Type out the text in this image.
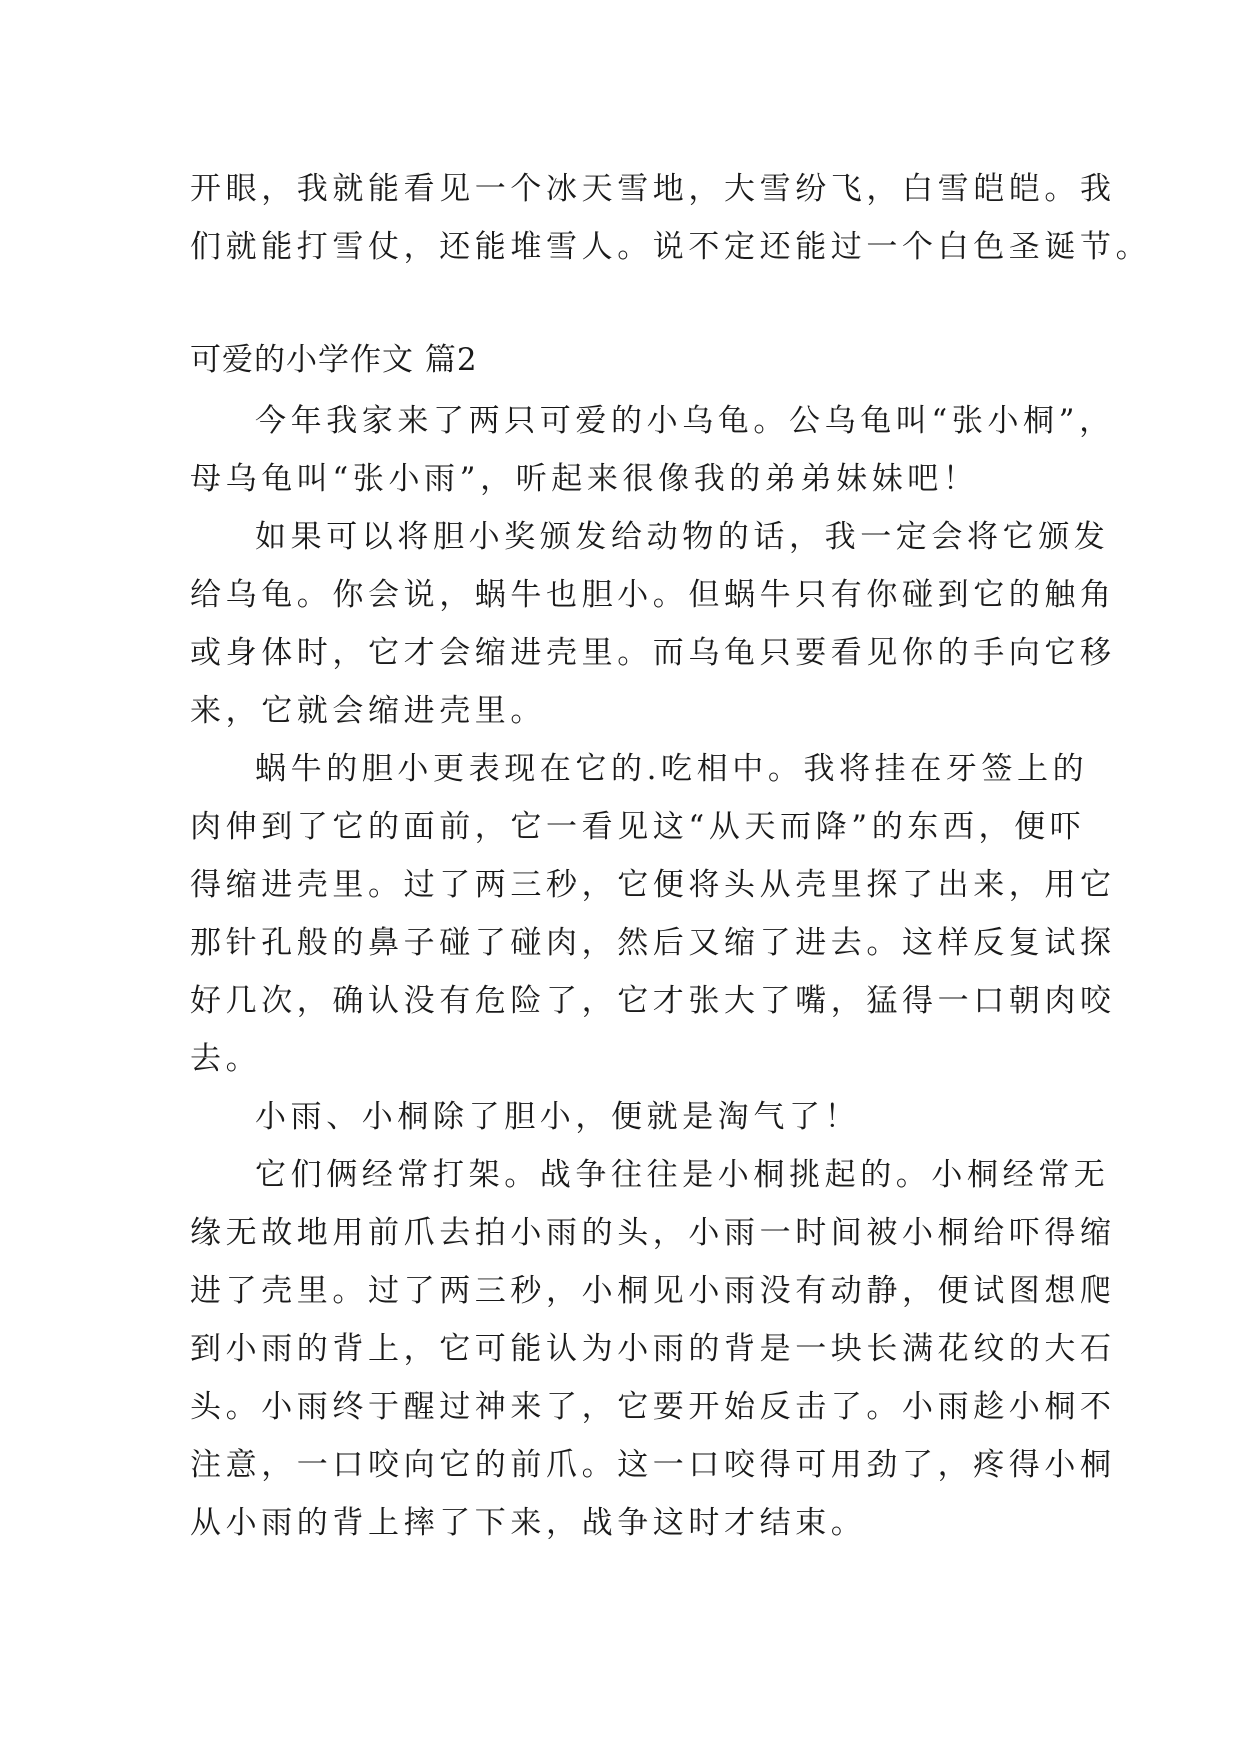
开眼，我就能看见一个冰天雪地，大雪纷飞，白雪皑皑。我
们就能打雪仗，还能堆雪人。说不定还能过一个白色圣诞节。
可爱的小学作文 篇2
今年我家来了两只可爱的小乌龟。公乌龟叫“张小桐”，
母乌龟叫“张小雨”，听起来很像我的弟弟妹妹吧！
如果可以将胆小奖颁发给动物的话，我一定会将它颁发
给乌龟。你会说，蜗牛也胆小。但蜗牛只有你碰到它的触角
或身体时，它才会缩进壳里。而乌龟只要看见你的手向它移
来，它就会缩进壳里。
蜗牛的胆小更表现在它的.吃相中。我将挂在牙签上的
肉伸到了它的面前，它一看见这“从天而降”的东西，便吓
得缩进壳里。过了两三秒，它便将头从壳里探了出来，用它
那针孔般的鼻子碰了碰肉，然后又缩了进去。这样反复试探
好几次，确认没有危险了，它才张大了嘴，猛得一口朝肉咬
去。
小雨、小桐除了胆小，便就是淘气了！
它们俩经常打架。战争往往是小桐挑起的。小桐经常无
缘无故地用前爪去拍小雨的头，小雨一时间被小桐给吓得缩
进了壳里。过了两三秒，小桐见小雨没有动静，便试图想爬
到小雨的背上，它可能认为小雨的背是一块长满花纹的大石
头。小雨终于醒过神来了，它要开始反击了。小雨趁小桐不
注意，一口咬向它的前爪。这一口咬得可用劲了，疼得小桐
从小雨的背上摔了下来，战争这时才结束。
